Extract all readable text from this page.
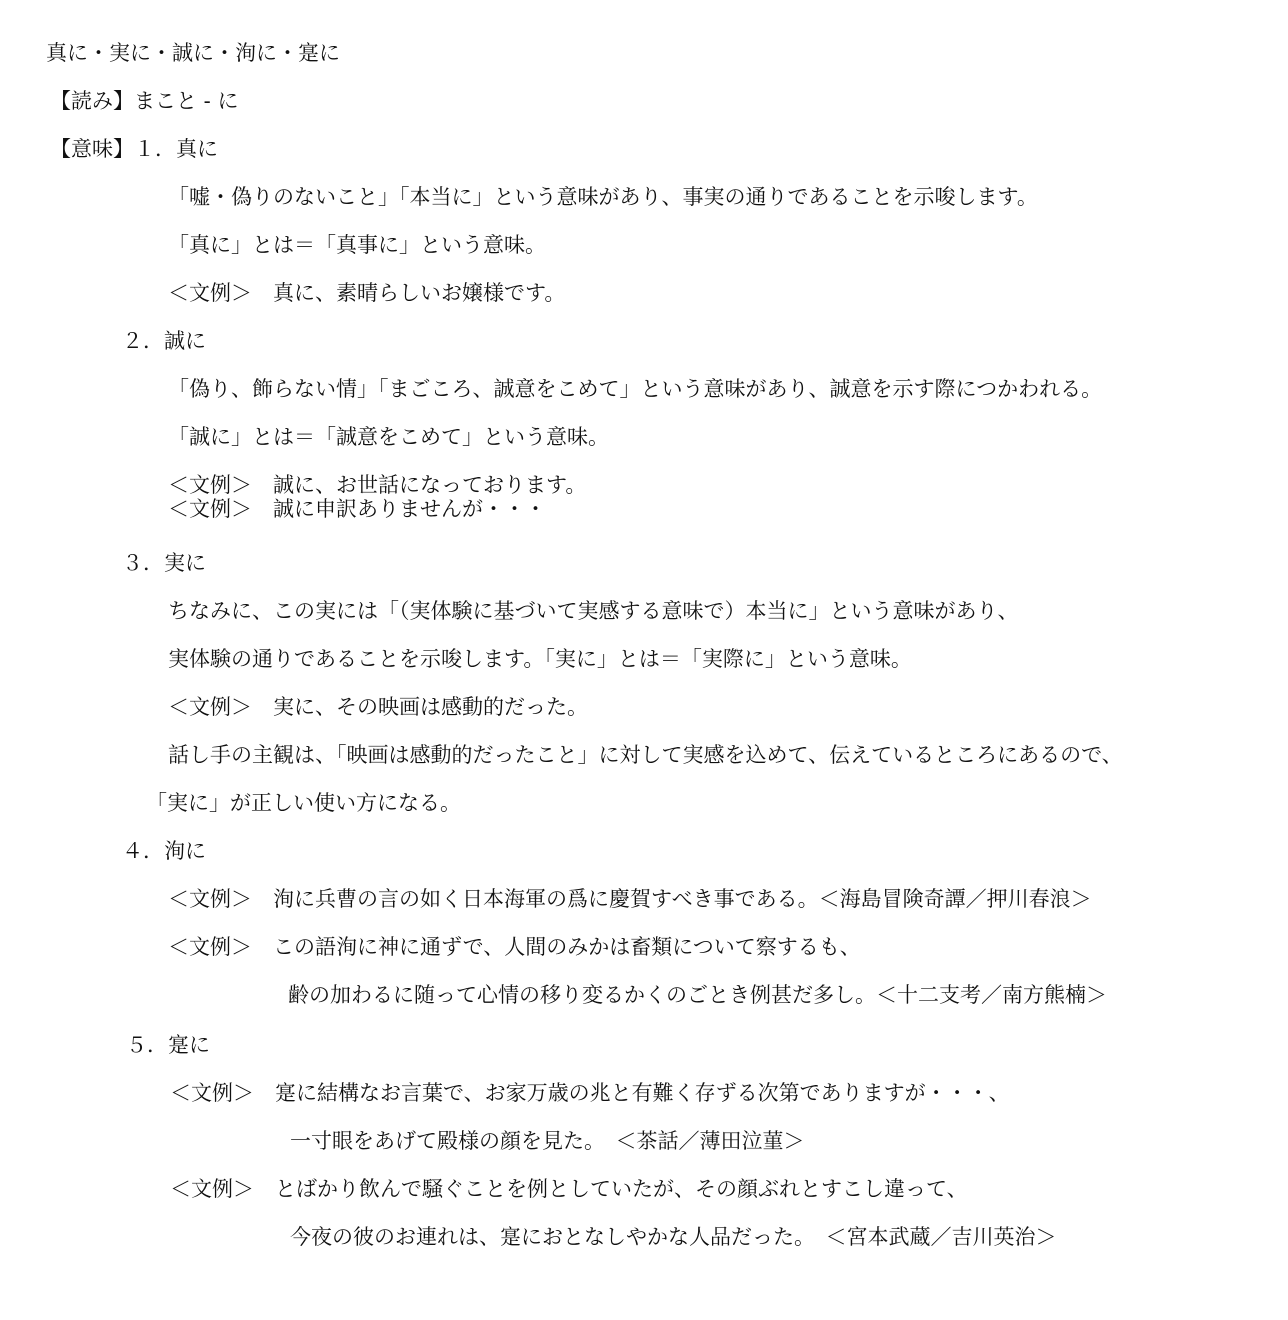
真に・実に・誠に・洵に・寔に

【読み】まこと - に

【意味】１．真に

「嘘・偽りのないこと」「本当に」という意味があり、事実の通りであることを示唆します。

「真に」とは＝「真事に」という意味。

＜文例＞　真に、素晴らしいお嬢様です。

２．誠に

「偽り、飾らない情」「まごころ、誠意をこめて」という意味があり、誠意を示す際につかわれる。

「誠に」とは＝「誠意をこめて」という意味。

＜文例＞　誠に、お世話になっております。

＜文例＞　誠に申訳ありませんが・・・

３．実に

ちなみに、この実には「（実体験に基づいて実感する意味で）本当に」という意味があり、

実体験の通りであることを示唆します。「実に」とは＝「実際に」という意味。

＜文例＞　実に、その映画は感動的だった。

話し手の主観は、「映画は感動的だったこと」に対して実感を込めて、伝えているところにあるので、

「実に」が正しい使い方になる。

４．洵に

＜文例＞　洵に兵曹の言の如く日本海軍の爲に慶賀すべき事である。＜海島冒険奇譚／押川春浪＞

＜文例＞　この語洵に神に通ずで、人間のみかは畜類について察するも、

齢の加わるに随って心情の移り変るかくのごとき例甚だ多し。＜十二支考／南方熊楠＞

５．寔に

＜文例＞　寔に結構なお言葉で、お家万歳の兆と有難く存ずる次第でありますが・・・、

一寸眼をあげて殿様の顔を見た。　＜茶話／薄田泣菫＞

＜文例＞　とばかり飲んで騒ぐことを例としていたが、その顔ぶれとすこし違って、

今夜の彼のお連れは、寔におとなしやかな人品だった。　＜宮本武蔵／吉川英治＞
